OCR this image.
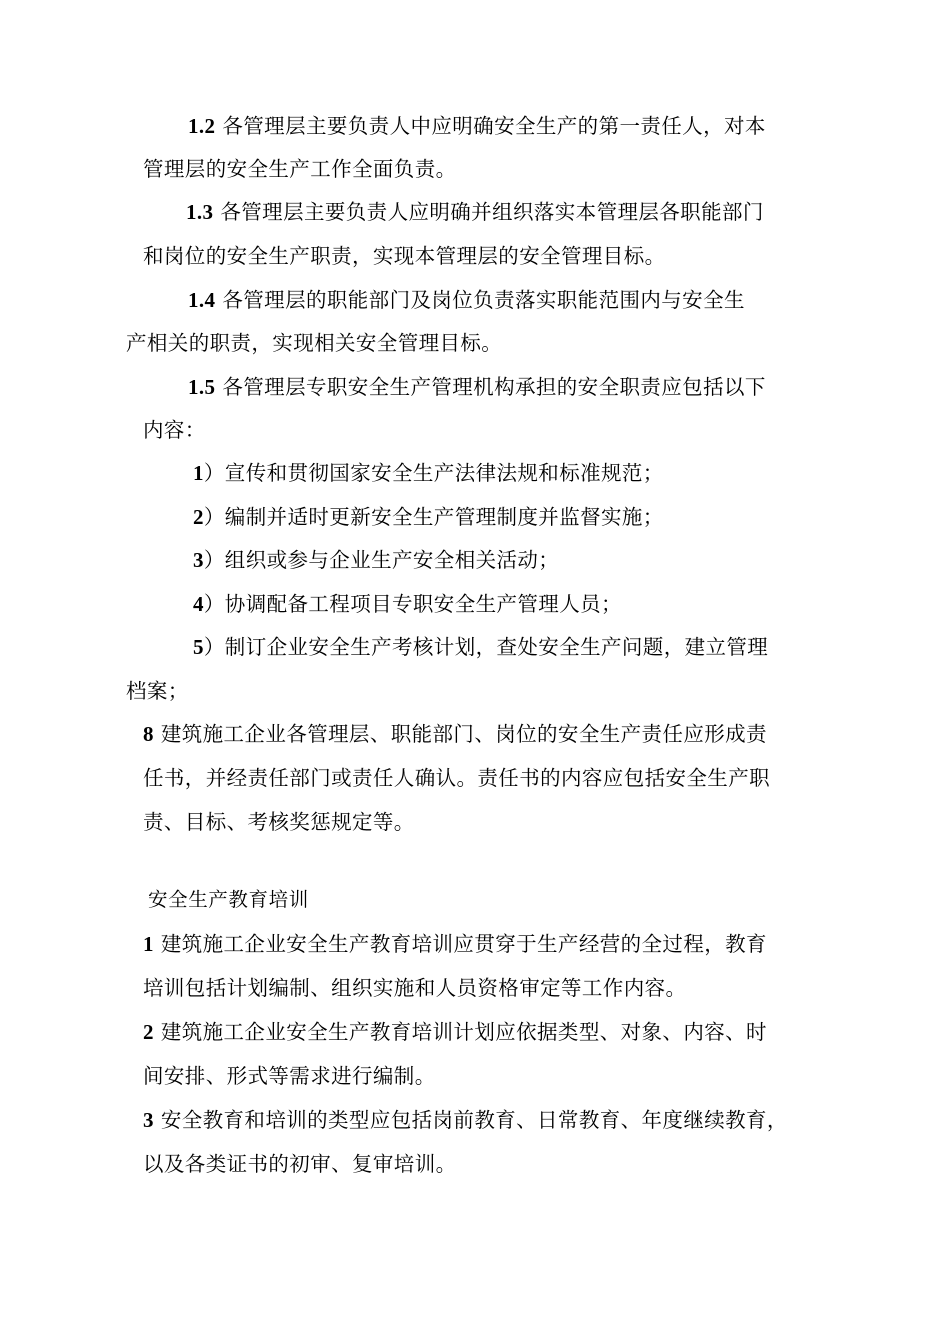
1.2 各管理层主要负责人中应明确安全生产的第一责任人，对本
管理层的安全生产工作全面负责。
1.3 各管理层主要负责人应明确并组织落实本管理层各职能部门
和岗位的安全生产职责，实现本管理层的安全管理目标。
1.4 各管理层的职能部门及岗位负责落实职能范围内与安全生
产相关的职责，实现相关安全管理目标。
1.5 各管理层专职安全生产管理机构承担的安全职责应包括以下
内容：
1）宣传和贯彻国家安全生产法律法规和标准规范；
2）编制并适时更新安全生产管理制度并监督实施；
3）组织或参与企业生产安全相关活动；
4）协调配备工程项目专职安全生产管理人员；
5）制订企业安全生产考核计划，查处安全生产问题，建立管理
档案；
8 建筑施工企业各管理层、职能部门、岗位的安全生产责任应形成责
任书，并经责任部门或责任人确认。责任书的内容应包括安全生产职
责、目标、考核奖惩规定等。
安全生产教育培训
1 建筑施工企业安全生产教育培训应贯穿于生产经营的全过程，教育
培训包括计划编制、组织实施和人员资格审定等工作内容。
2 建筑施工企业安全生产教育培训计划应依据类型、对象、内容、时
间安排、形式等需求进行编制。
3 安全教育和培训的类型应包括岗前教育、日常教育、年度继续教育，
以及各类证书的初审、复审培训。
